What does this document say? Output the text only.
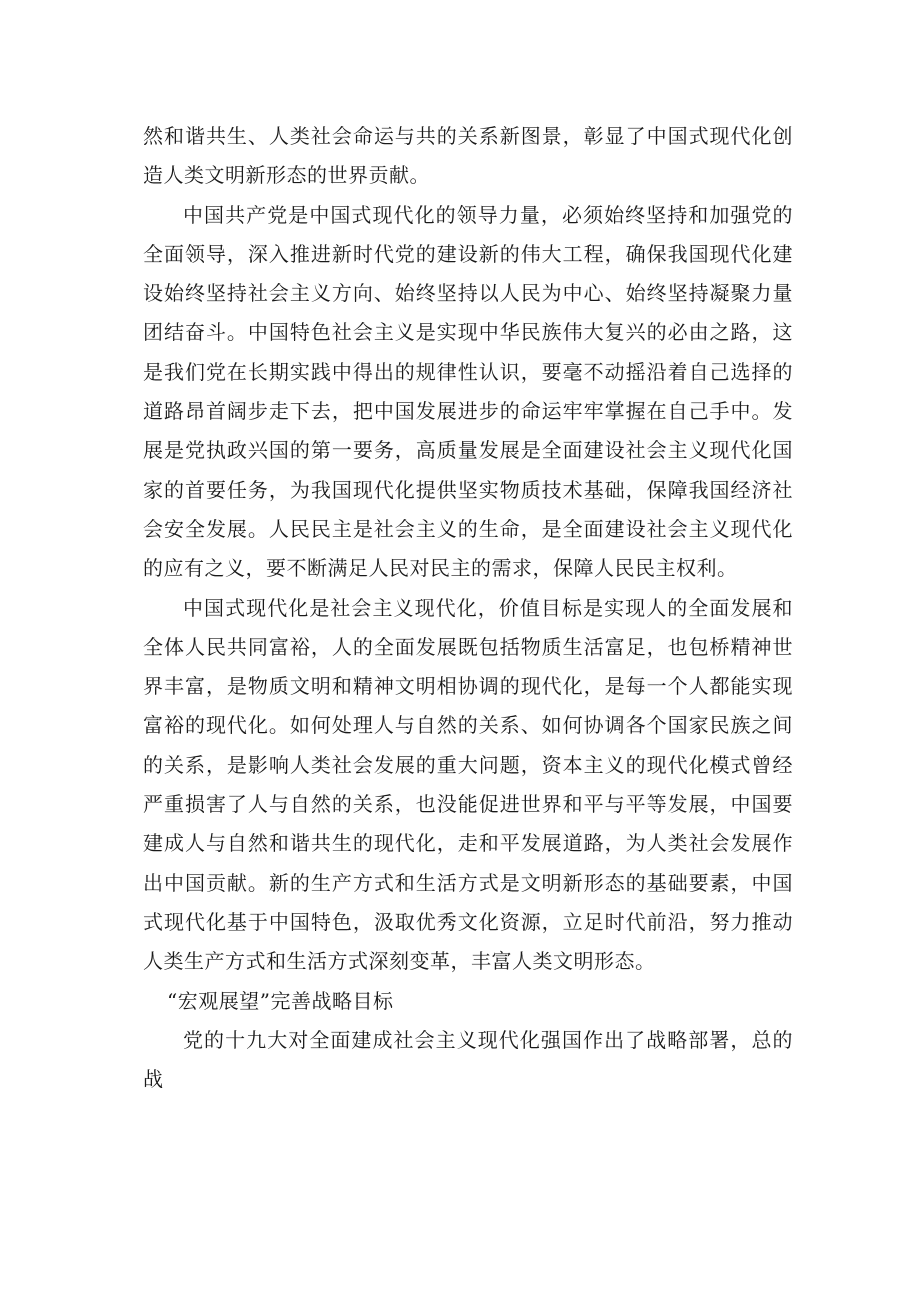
然和谐共生、人类社会命运与共的关系新图景，彰显了中国式现代化创造人类文明新形态的世界贡献。

中国共产党是中国式现代化的领导力量，必须始终坚持和加强党的全面领导，深入推进新时代党的建设新的伟大工程，确保我国现代化建设始终坚持社会主义方向、始终坚持以人民为中心、始终坚持凝聚力量团结奋斗。中国特色社会主义是实现中华民族伟大复兴的必由之路，这是我们党在长期实践中得出的规律性认识，要毫不动摇沿着自己选择的道路昂首阔步走下去，把中国发展进步的命运牢牢掌握在自己手中。发展是党执政兴国的第一要务，高质量发展是全面建设社会主义现代化国家的首要任务，为我国现代化提供坚实物质技术基础，保障我国经济社会安全发展。人民民主是社会主义的生命，是全面建设社会主义现代化的应有之义，要不断满足人民对民主的需求，保障人民民主权利。

中国式现代化是社会主义现代化，价值目标是实现人的全面发展和全体人民共同富裕，人的全面发展既包括物质生活富足，也包桥精神世界丰富，是物质文明和精神文明相协调的现代化，是每一个人都能实现富裕的现代化。如何处理人与自然的关系、如何协调各个国家民族之间的关系，是影响人类社会发展的重大问题，资本主义的现代化模式曾经严重损害了人与自然的关系，也没能促进世界和平与平等发展，中国要建成人与自然和谐共生的现代化，走和平发展道路，为人类社会发展作出中国贡献。新的生产方式和生活方式是文明新形态的基础要素，中国式现代化基于中国特色，汲取优秀文化资源，立足时代前沿，努力推动人类生产方式和生活方式深刻变革，丰富人类文明形态。

“宏观展望”完善战略目标

党的十九大对全面建成社会主义现代化强国作出了战略部署，总的战
